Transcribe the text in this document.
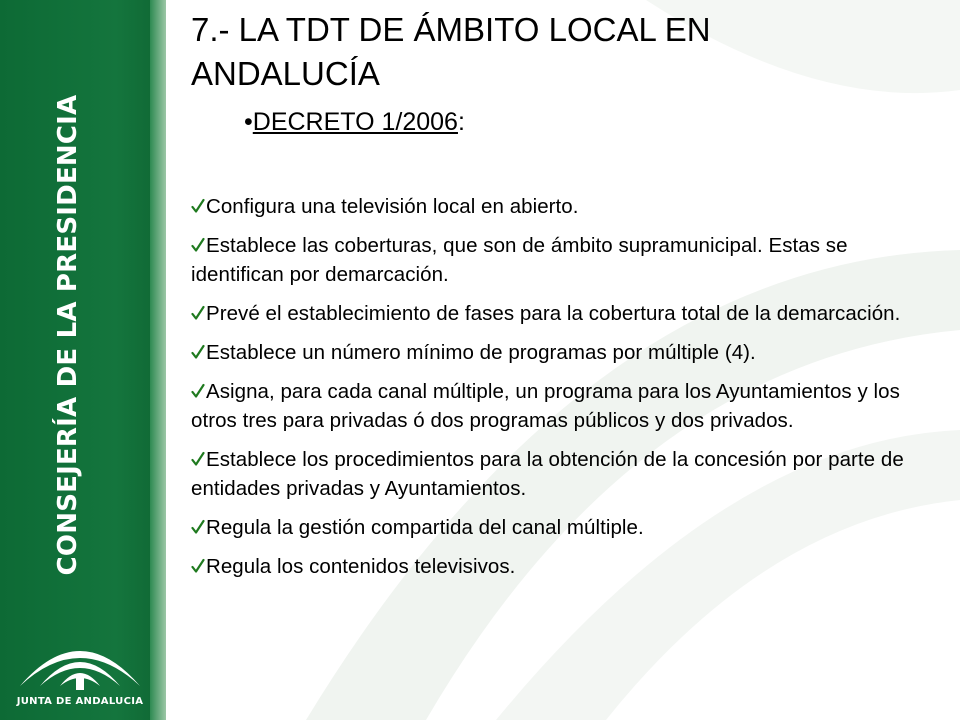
CONSEJERÍA DE LA PRESIDENCIA
JUNTA DE ANDALUCIA
7.- LA TDT DE ÁMBITO LOCAL EN ANDALUCÍA
•DECRETO 1/2006:
Configura una televisión local en abierto.
Establece las coberturas, que son de ámbito supramunicipal. Estas se identifican por demarcación.
Prevé el establecimiento de fases para la cobertura total de la demarcación.
Establece un número mínimo de programas por múltiple (4).
Asigna, para cada canal múltiple, un programa para los Ayuntamientos y los otros tres para privadas ó dos programas públicos y dos privados.
Establece los procedimientos para la obtención de la concesión por parte de entidades privadas y Ayuntamientos.
Regula la gestión compartida del canal múltiple.
Regula los contenidos televisivos.
